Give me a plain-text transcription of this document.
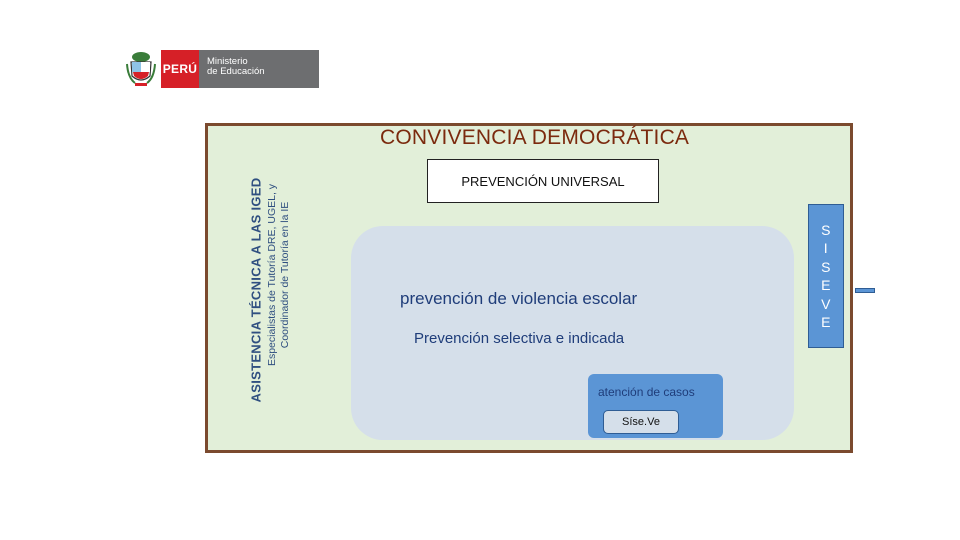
PERÚ
Ministerio
de Educación
CONVIVENCIA DEMOCRÁTICA
ASISTENCIA TÉCNICA A LAS IGED Especialistas de Tutoría DRE, UGEL, y Coordinador de Tutoría en la IE
PREVENCIÓN UNIVERSAL
prevención de violencia escolar
Prevención selectiva e indicada
atención de casos
Síse.Ve
S
I
S
E
V
E
